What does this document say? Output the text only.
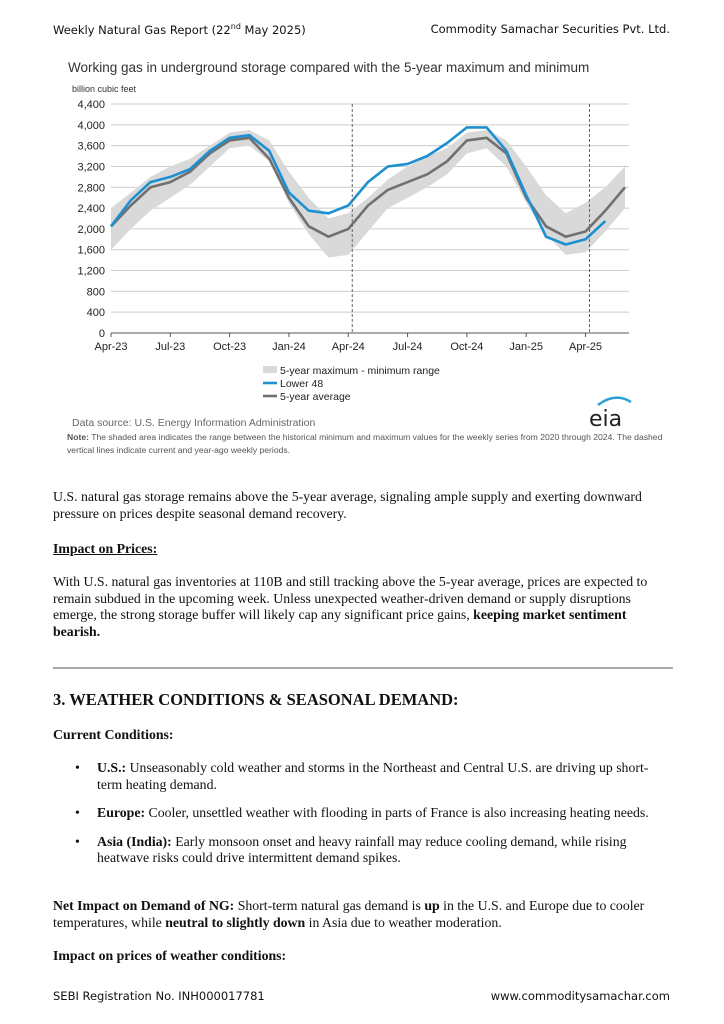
Weekly Natural Gas Report (22nd May 2025)	Commodity Samachar Securities Pvt. Ltd.
Working gas in underground storage compared with the 5-year maximum and minimum
billion cubic feet
0
400
800
1,200
1,600
2,000
2,400
2,800
3,200
3,600
4,000
4,400
Apr-23	Jul-23	Oct-23 Jan-24 Apr-24	Jul-24	Oct-24 Jan-25 Apr-25
5-year maximum - minimum range
Lower 48
5-year average
Data source: U.S. Energy Information Administration	eia
Note: The shaded area indicates the range between the historical minimum and maximum values for the weekly series from 2020 through 2024. The dashed vertical lines indicate current and year-ago weekly periods.
U.S. natural gas storage remains above the 5-year average, signaling ample supply and exerting downward pressure on prices despite seasonal demand recovery.
Impact on Prices:
With U.S. natural gas inventories at 110B and still tracking above the 5-year average, prices are expected to remain subdued in the upcoming week. Unless unexpected weather-driven demand or supply disruptions emerge, the strong storage buffer will likely cap any significant price gains, keeping market sentiment bearish.
3. WEATHER CONDITIONS & SEASONAL DEMAND:
Current Conditions:
• U.S.: Unseasonably cold weather and storms in the Northeast and Central U.S. are driving up short-term heating demand.
• Europe: Cooler, unsettled weather with flooding in parts of France is also increasing heating needs.
• Asia (India): Early monsoon onset and heavy rainfall may reduce cooling demand, while rising heatwave risks could drive intermittent demand spikes.
Net Impact on Demand of NG: Short-term natural gas demand is up in the U.S. and Europe due to cooler temperatures, while neutral to slightly down in Asia due to weather moderation.
Impact on prices of weather conditions:
SEBI Registration No. INH000017781	www.commoditysamachar.com
